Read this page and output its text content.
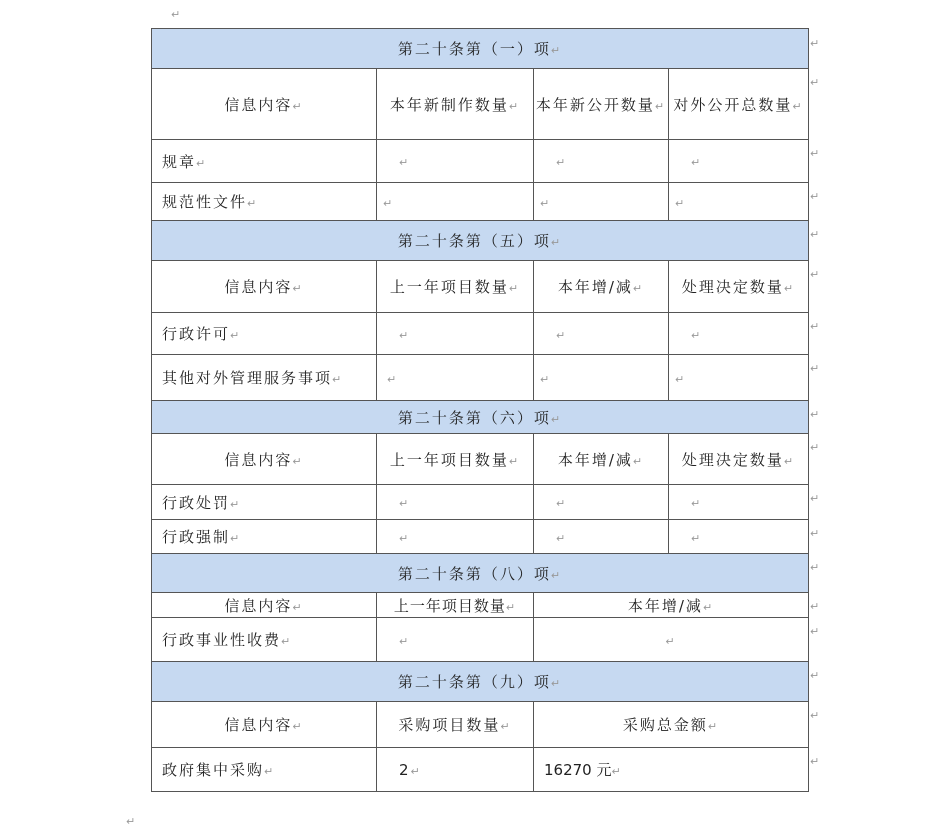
↵
第二十条第（一）项↵			
信息内容↵	本年新制作数量↵	本年新公开数量↵	对外公开总数量↵
规章↵	↵	↵	↵
规范性文件↵	↵	↵	↵
第二十条第（五）项↵			
信息内容↵	上一年项目数量↵	本年增/减↵	处理决定数量↵
行政许可↵	↵	↵	↵
其他对外管理服务事项↵	↵	↵	↵
第二十条第（六）项↵			
信息内容↵	上一年项目数量↵	本年增/减↵	处理决定数量↵
行政处罚↵	↵	↵	↵
行政强制↵	↵	↵	↵
第二十条第（八）项↵			
信息内容↵	上一年项目数量↵	本年增/减↵	
行政事业性收费↵	↵	↵	
第二十条第（九）项↵			
信息内容↵	采购项目数量↵	采购总金额↵	
政府集中采购↵	2↵	16270 元↵	
↵
↵
↵
↵
↵
↵
↵
↵
↵
↵
↵
↵
↵
↵
↵
↵
↵
↵
↵
